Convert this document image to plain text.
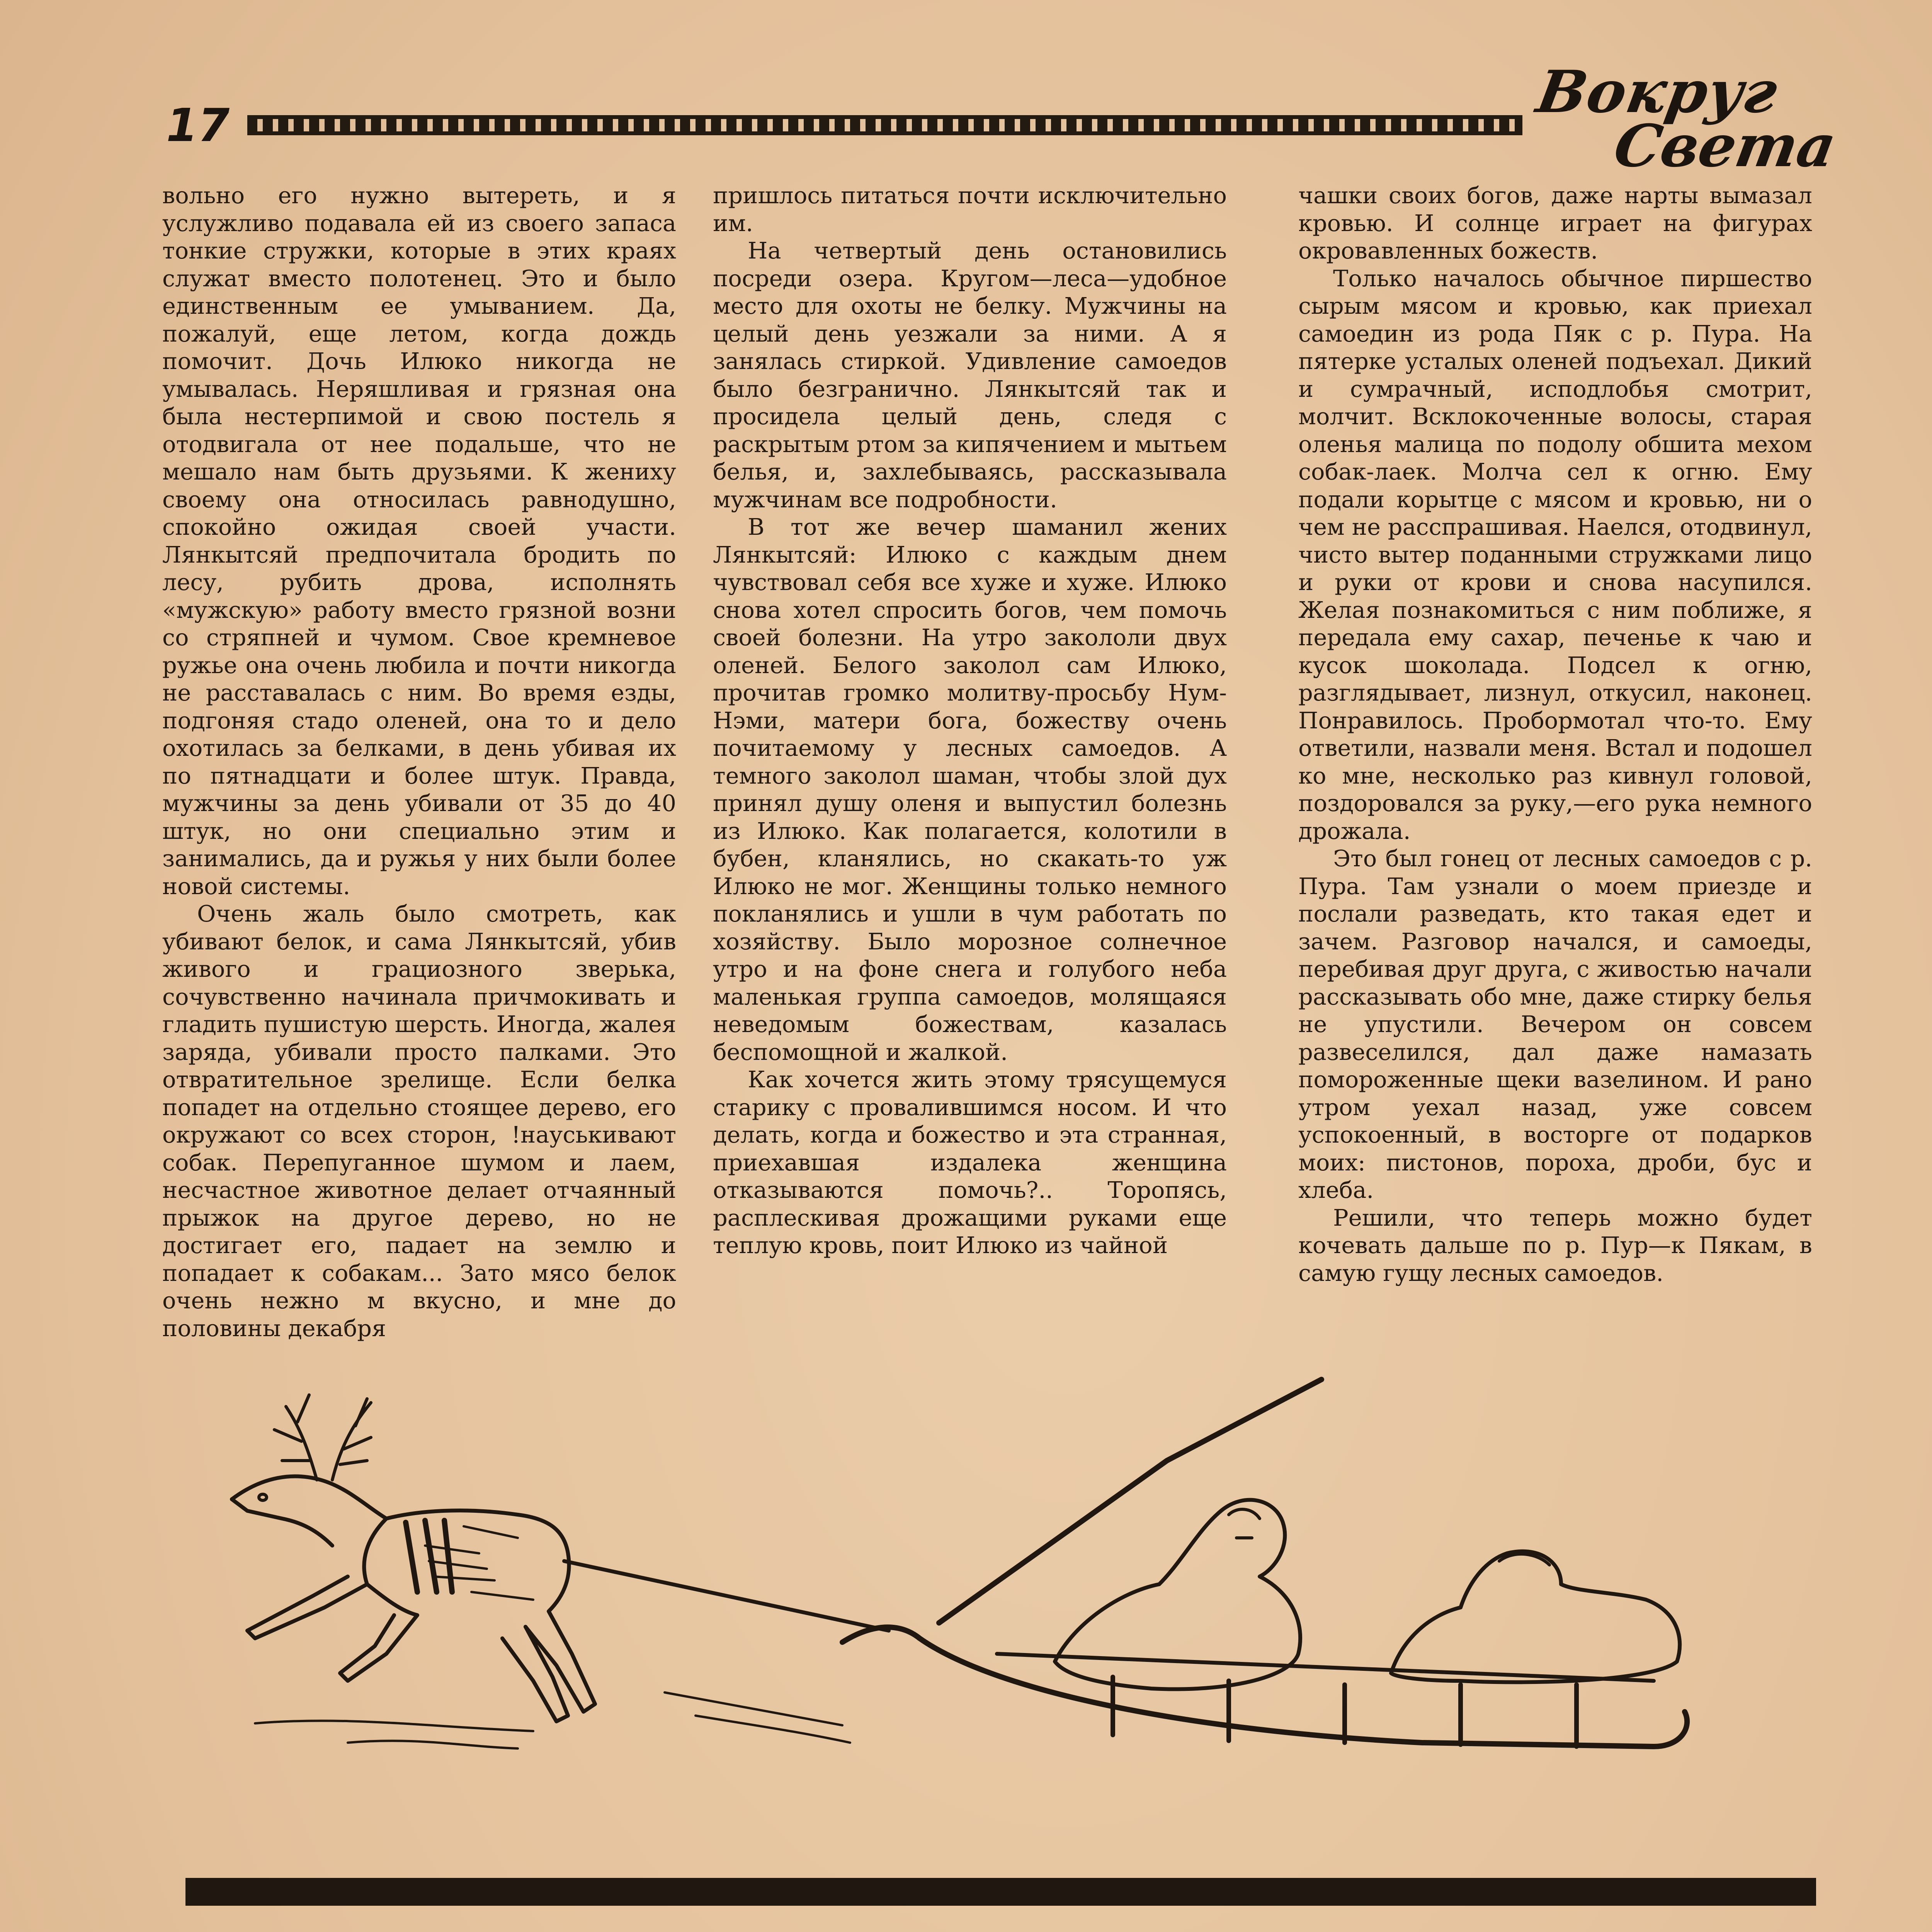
17	Вокруг
Света

вольно его нужно вытереть, и я услужливо подавала ей из своего запаса тонкие стружки, которые в этих краях служат вместо полотенец. Это и было единственным ее умыванием. Да, пожалуй, еще летом, когда дождь помочит. Дочь Илюко никогда не умывалась. Неряшливая и грязная она была нестерпимой и свою постель я отодвигала от нее подальше, что не мешало нам быть друзьями. К жениху своему она относилась равнодушно, спокойно ожидая своей участи. Лянкытсяй предпочитала бродить по лесу, рубить дрова, исполнять «мужскую» работу вместо грязной возни со стряпней и чумом. Свое кремневое ружье она очень любила и почти никогда не расставалась с ним. Во время езды, подгоняя стадо оленей, она то и дело охотилась за белками, в день убивая их по пятнадцати и более штук. Правда, мужчины за день убивали от 35 до 40 штук, но они специально этим и занимались, да и ружья у них были более новой системы.

Очень жаль было смотреть, как убивают белок, и сама Лянкытсяй, убив живого и грациозного зверька, сочувственно начинала причмокивать и гладить пушистую шерсть. Иногда, жалея заряда, убивали просто палками. Это отвратительное зрелище. Если белка попадет на отдельно стоящее дерево, его окружают со всех сторон, !науськивают собак. Перепуганное шумом и лаем, несчастное животное делает отчаянный прыжок на другое дерево, но не достигает его, падает на землю и попадает к собакам... Зато мясо белок очень нежно м вкусно, и мне до половины декабря

пришлось питаться почти исключительно им.

На четвертый день остановились посреди озера. Кругом—леса—удобное место для охоты не белку. Мужчины на целый день уезжали за ними. А я занялась стиркой. Удивление самоедов было безгранично. Лянкытсяй так и просидела целый день, следя с раскрытым ртом за кипячением и мытьем белья, и, захлебываясь, рассказывала мужчинам все подробности.

В тот же вечер шаманил жених Лянкытсяй: Илюко с каждым днем чувствовал себя все хуже и хуже. Илюко снова хотел спросить богов, чем помочь своей болезни. На утро закололи двух оленей. Белого заколол сам Илюко, прочитав громко молитву-просьбу Нум-Нэми, матери бога, божеству очень почитаемому у лесных самоедов. А темного заколол шаман, чтобы злой дух принял душу оленя и выпустил болезнь из Илюко. Как полагается, колотили в бубен, кланялись, но скакать-то уж Илюко не мог. Женщины только немного покланялись и ушли в чум работать по хозяйству. Было морозное солнечное утро и на фоне снега и голубого неба маленькая группа самоедов, молящаяся неведомым божествам, казалась беспомощной и жалкой.

Как хочется жить этому трясущемуся старику с провалившимся носом. И что делать, когда и божество и эта странная, приехавшая издалека женщина отказываются помочь?.. Торопясь, расплескивая дрожащими руками еще теплую кровь, поит Илюко из чайной

чашки своих богов, даже нарты вымазал кровью. И солнце играет на фигурах окровавленных божеств.

Только началось обычное пиршество сырым мясом и кровью, как приехал самоедин из рода Пяк с р. Пура. На пятерке усталых оленей подъехал. Дикий и сумрачный, исподлобья смотрит, молчит. Всклокоченные волосы, старая оленья малица по подолу обшита мехом собак-лаек. Молча сел к огню. Ему подали корытце с мясом и кровью, ни о чем не расспрашивая. Наелся, отодвинул, чисто вытер поданными стружками лицо и руки от крови и снова насупился. Желая познакомиться с ним поближе, я передала ему сахар, печенье к чаю и кусок шоколада. Подсел к огню, разглядывает, лизнул, откусил, наконец. Понравилось. Пробормотал что-то. Ему ответили, назвали меня. Встал и подошел ко мне, несколько раз кивнул головой, поздоровался за руку,—его рука немного дрожала.

Это был гонец от лесных самоедов с р. Пура. Там узнали о моем приезде и послали разведать, кто такая едет и зачем. Разговор начался, и самоеды, перебивая друг друга, с живостью начали рассказывать обо мне, даже стирку белья не упустили. Вечером он совсем развеселился, дал даже намазать помороженные щеки вазелином. И рано утром уехал назад, уже совсем успокоенный, в восторге от подарков моих: пистонов, пороха, дроби, бус и хлеба.

Решили, что теперь можно будет кочевать дальше по р. Пур—к Пякам, в самую гущу лесных самоедов.
